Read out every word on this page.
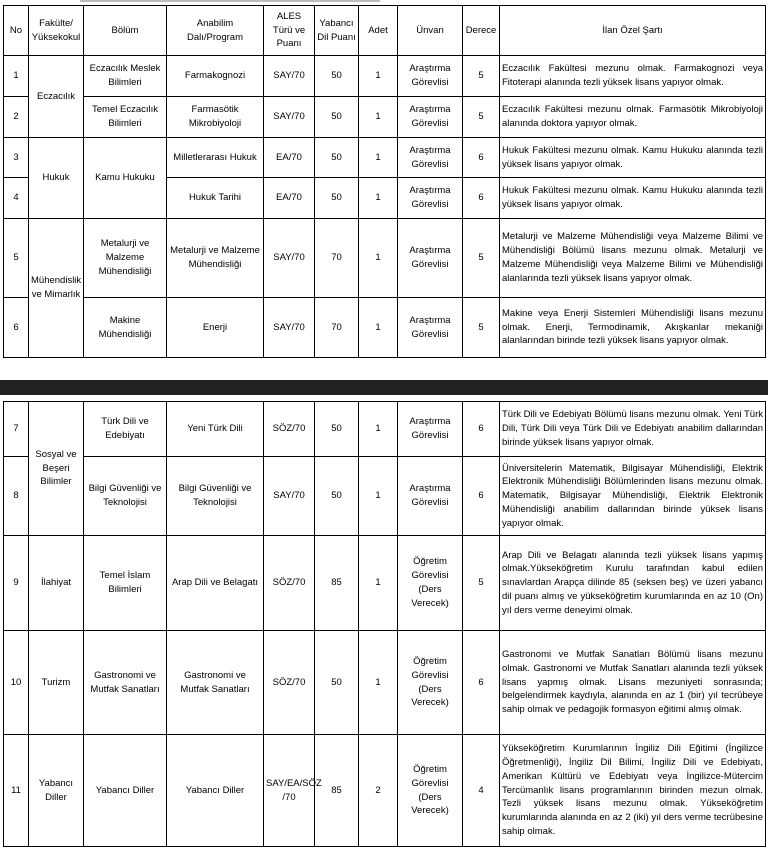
No	Fakülte/ Yüksekokul	Bölüm	Anabilim Dalı/Program	ALES Türü ve Puanı	Yabancı Dil Puanı	Adet	Ünvan	Derece	İlan Özel Şartı
1	Eczacılık	Eczacılık Meslek Bilimleri	Farmakognozi	SAY/70	50	1	Araştırma Görevlisi	5	Eczacılık Fakültesi mezunu olmak. Farmakognozi veya Fitoterapi alanında tezli yüksek lisans yapıyor olmak.
2		Temel Eczacılık Bilimleri	Farmasötik Mikrobiyoloji	SAY/70	50	1	Araştırma Görevlisi	5	Eczacılık Fakültesi mezunu olmak. Farmasötik Mikrobiyoloji alanında doktora yapıyor olmak.
3	Hukuk	Kamu Hukuku	Milletlerarası Hukuk	EA/70	50	1	Araştırma Görevlisi	6	Hukuk Fakültesi mezunu olmak. Kamu Hukuku alanında tezli yüksek lisans yapıyor olmak.
4			Hukuk Tarihi	EA/70	50	1	Araştırma Görevlisi	6	Hukuk Fakültesi mezunu olmak. Kamu Hukuku alanında tezli yüksek lisans yapıyor olmak.
5	Mühendislik ve Mimarlık	Metalurji ve Malzeme Mühendisliği	Metalurji ve Malzeme Mühendisliği	SAY/70	70	1	Araştırma Görevlisi	5	Metalurji ve Malzeme Mühendisliği veya Malzeme Bilimi ve Mühendisliği Bölümü lisans mezunu olmak. Metalurji ve Malzeme Mühendisliği veya Malzeme Bilimi ve Mühendisliği alanlarında tezli yüksek lisans yapıyor olmak.
6		Makine Mühendisliği	Enerji	SAY/70	70	1	Araştırma Görevlisi	5	Makine veya Enerji Sistemleri Mühendisliği lisans mezunu olmak. Enerji, Termodinamik, Akışkanlar mekaniği alanlarından birinde tezli yüksek lisans yapıyor olmak.
7	Sosyal ve Beşeri Bilimler	Türk Dili ve Edebiyatı	Yeni Türk Dili	SÖZ/70	50	1	Araştırma Görevlisi	6	Türk Dili ve Edebiyatı Bölümü lisans mezunu olmak. Yeni Türk Dili, Türk Dili veya Türk Dili ve Edebiyatı anabilim dallarından birinde yüksek lisans yapıyor olmak.
8		Bilgi Güvenliği ve Teknolojisi	Bilgi Güvenliği ve Teknolojisi	SAY/70	50	1	Araştırma Görevlisi	6	Üniversitelerin Matematik, Bilgisayar Mühendisliği, Elektrik Elektronik Mühendisliği Bölümlerinden lisans mezunu olmak. Matematik, Bilgisayar Mühendisliği, Elektrik Elektronik Mühendisliği anabilim dallarından birinde yüksek lisans yapıyor olmak.
9	İlahiyat	Temel İslam Bilimleri	Arap Dili ve Belagatı	SÖZ/70	85	1	Öğretim Görevlisi (Ders Verecek)	5	Arap Dili ve Belagatı alanında tezli yüksek lisans yapmış olmak.Yükseköğretim Kurulu tarafından kabul edilen sınavlardan Arapça dilinde 85 (seksen beş) ve üzeri yabancı dil puanı almış ve yükseköğretim kurumlarında en az 10 (On) yıl ders verme deneyimi olmak.
10	Turizm	Gastronomi ve Mutfak Sanatları	Gastronomi ve Mutfak Sanatları	SÖZ/70	50	1	Öğretim Görevlisi (Ders Verecek)	6	Gastronomi ve Mutfak Sanatları Bölümü lisans mezunu olmak. Gastronomi ve Mutfak Sanatları alanında tezli yüksek lisans yapmış olmak. Lisans mezuniyeti sonrasında; belgelendirmek kaydıyla, alanında en az 1 (bir) yıl tecrübeye sahip olmak ve pedagojik formasyon eğitimi almış olmak.
11	Yabancı Diller	Yabancı Diller	Yabancı Diller	SAY/EA/SÖZ /70	85	2	Öğretim Görevlisi (Ders Verecek)	4	Yükseköğretim Kurumlarının İngiliz Dili Eğitimi (İngilizce Öğretmenliği), İngiliz Dil Bilimi, İngiliz Dili ve Edebiyatı, Amerikan Kültürü ve Edebiyatı veya İngilizce-Mütercim Tercümanlık lisans programlarının birinden mezun olmak. Tezli yüksek lisans mezunu olmak. Yükseköğretim kurumlarında alanında en az 2 (iki) yıl ders verme tecrübesine sahip olmak.
